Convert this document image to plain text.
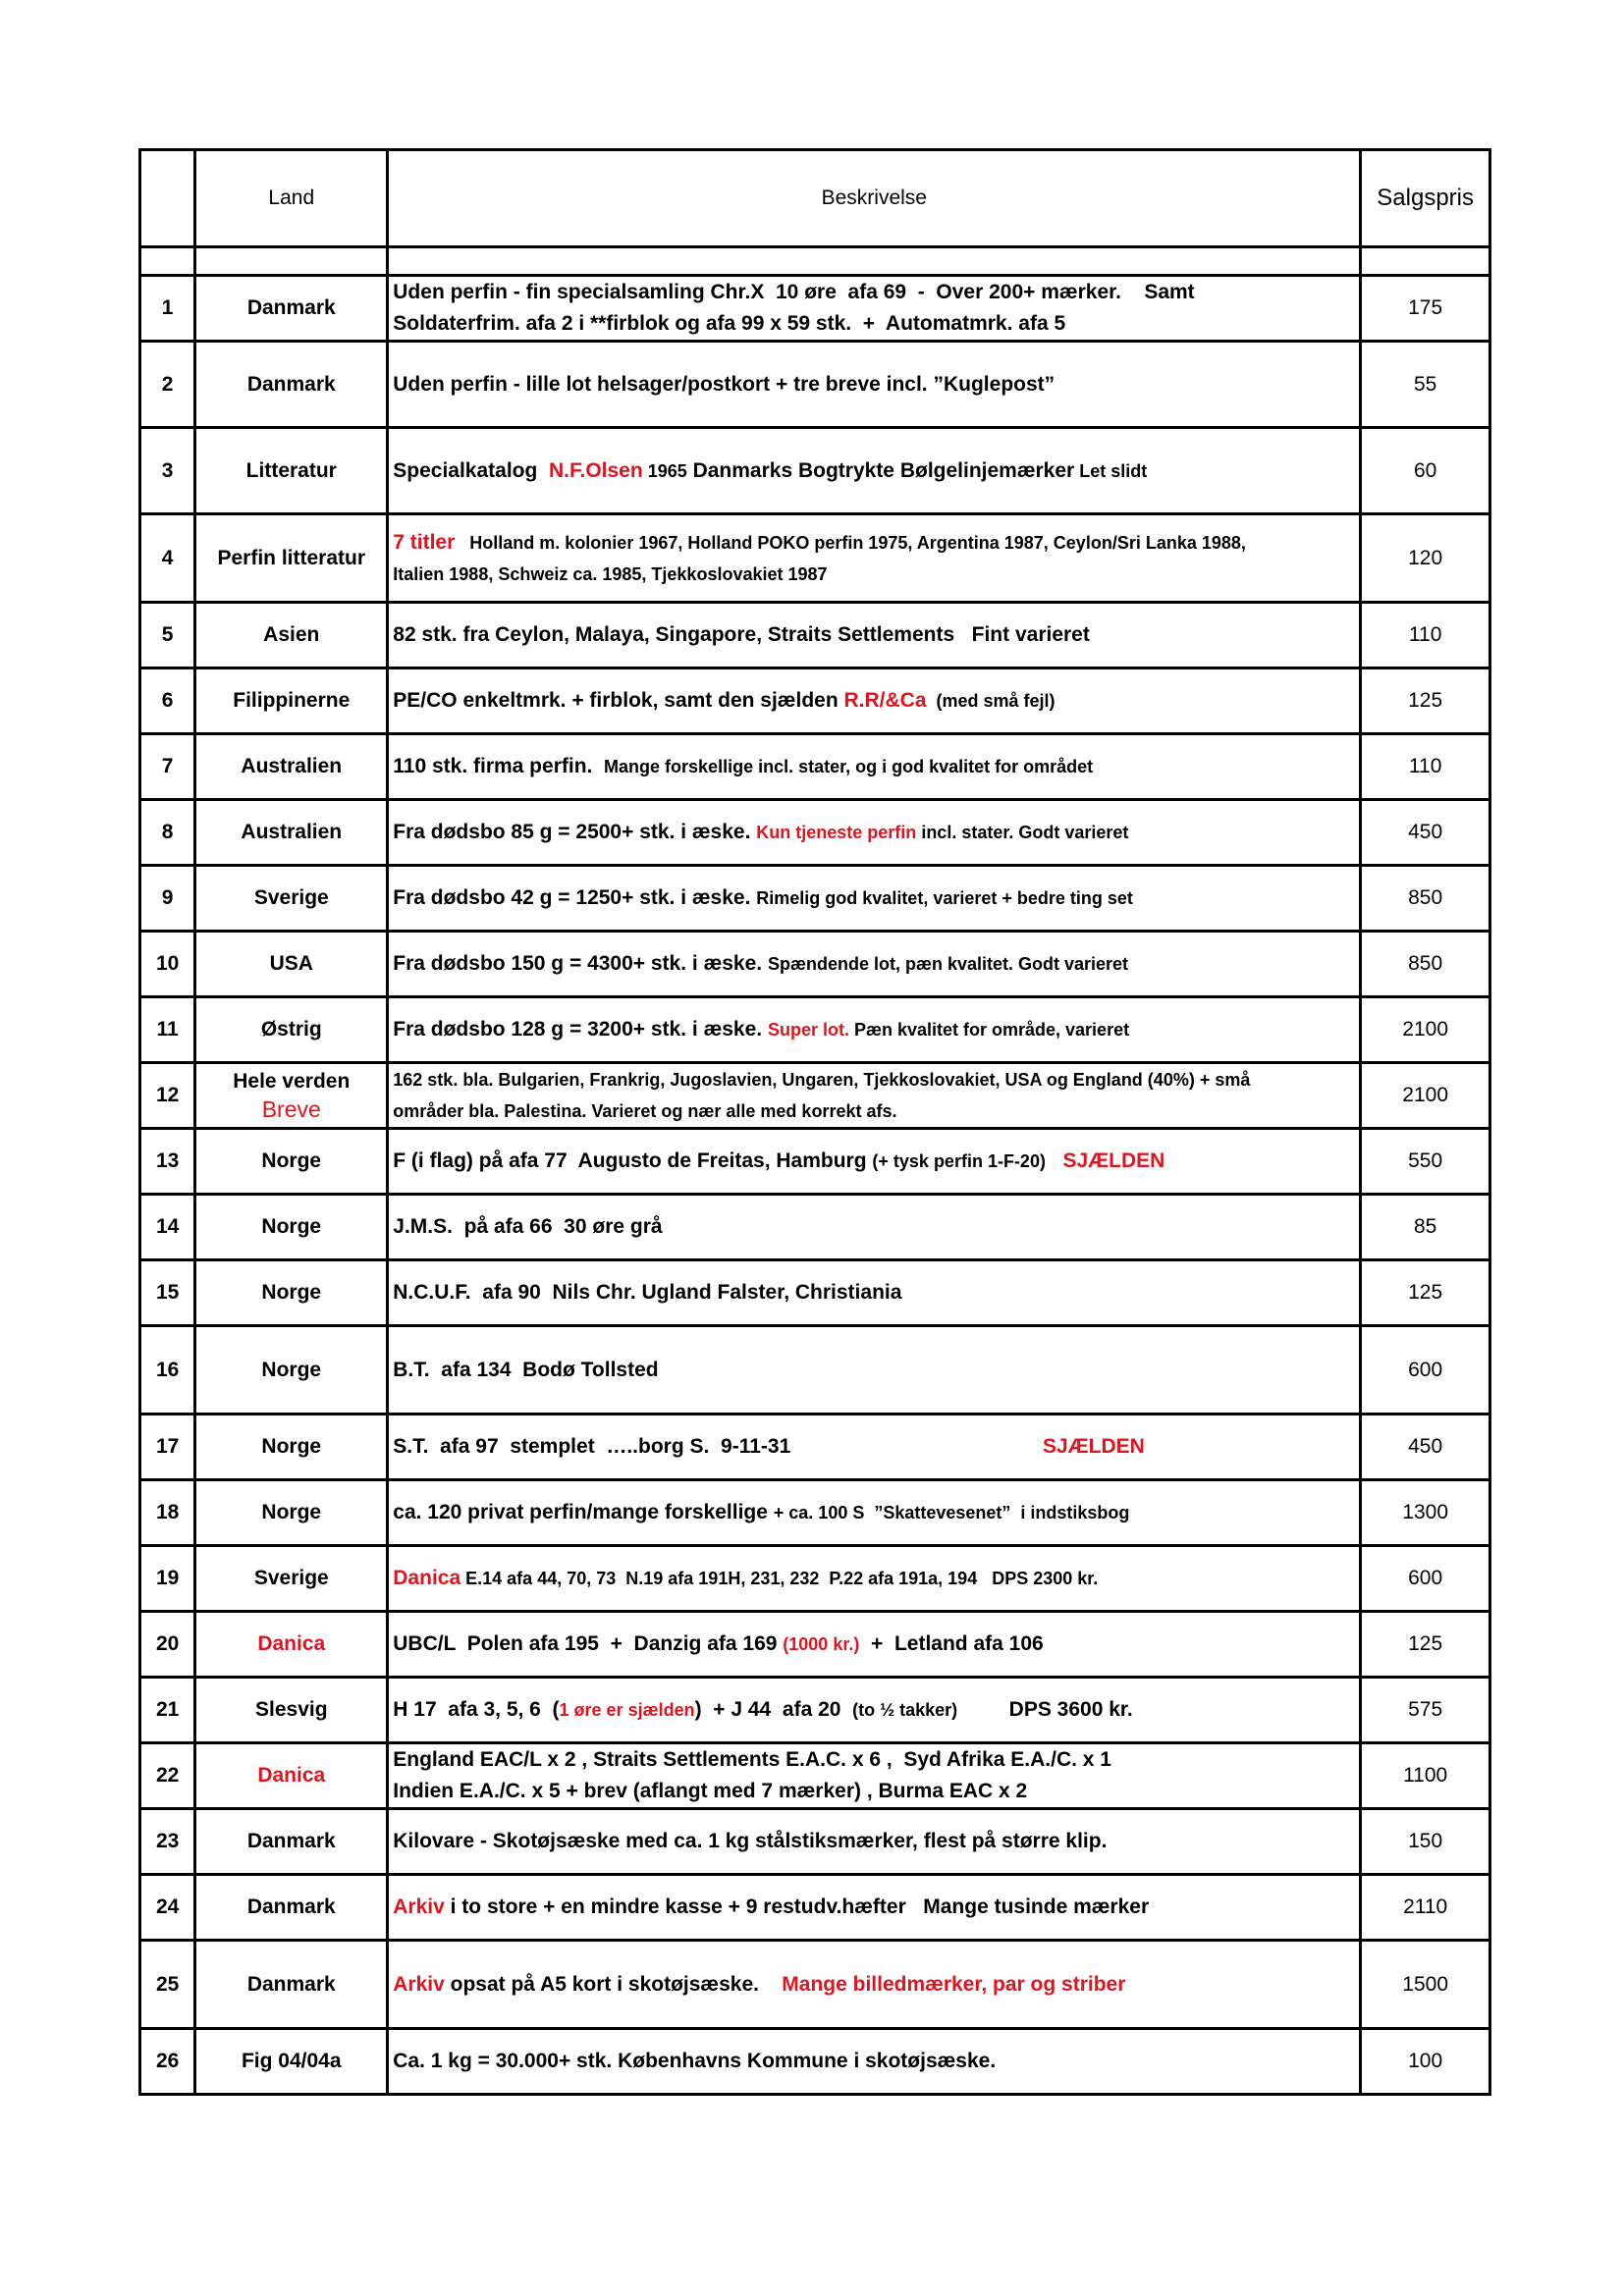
	Land	Beskrivelse	Salgspris

1	Danmark	Uden perfin - fin specialsamling Chr.X  10 øre  afa 69  -  Over 200+ mærker.    Samt
Soldaterfrim. afa 2 i **firblok og afa 99 x 59 stk.  +  Automatmrk. afa 5	175
2	Danmark	Uden perfin - lille lot helsager/postkort + tre breve incl. ”Kuglepost”	55
3	Litteratur	Specialkatalog  N.F.Olsen 1965 Danmarks Bogtrykte Bølgelinjemærker Let slidt	60
4	Perfin litteratur	7 titler   Holland m. kolonier 1967, Holland POKO perfin 1975, Argentina 1987, Ceylon/Sri Lanka 1988,
Italien 1988, Schweiz ca. 1985, Tjekkoslovakiet 1987	120
5	Asien	82 stk. fra Ceylon, Malaya, Singapore, Straits Settlements   Fint varieret	110
6	Filippinerne	PE/CO enkeltmrk. + firblok, samt den sjælden R.R/&Ca  (med små fejl)	125
7	Australien	110 stk. firma perfin.  Mange forskellige incl. stater, og i god kvalitet for området	110
8	Australien	Fra dødsbo 85 g = 2500+ stk. i æske. Kun tjeneste perfin incl. stater. Godt varieret	450
9	Sverige	Fra dødsbo 42 g = 1250+ stk. i æske. Rimelig god kvalitet, varieret + bedre ting set	850
10	USA	Fra dødsbo 150 g = 4300+ stk. i æske. Spændende lot, pæn kvalitet. Godt varieret	850
11	Østrig	Fra dødsbo 128 g = 3200+ stk. i æske. Super lot. Pæn kvalitet for område, varieret	2100
12	Hele verden
Breve	162 stk. bla. Bulgarien, Frankrig, Jugoslavien, Ungaren, Tjekkoslovakiet, USA og England (40%) + små
områder bla. Palestina. Varieret og nær alle med korrekt afs.	2100
13	Norge	F (i flag) på afa 77  Augusto de Freitas, Hamburg (+ tysk perfin 1-F-20)   SJÆLDEN	550
14	Norge	J.M.S.  på afa 66  30 øre grå	85
15	Norge	N.C.U.F.  afa 90  Nils Chr. Ugland Falster, Christiania	125
16	Norge	B.T.  afa 134  Bodø Tollsted	600
17	Norge	S.T.  afa 97  stemplet  …..borg S.  9-11-31                                            SJÆLDEN	450
18	Norge	ca. 120 privat perfin/mange forskellige + ca. 100 S  ”Skattevesenet”  i indstiksbog	1300
19	Sverige	Danica E.14 afa 44, 70, 73  N.19 afa 191H, 231, 232  P.22 afa 191a, 194   DPS 2300 kr.	600
20	Danica	UBC/L  Polen afa 195  +  Danzig afa 169 (1000 kr.)  +  Letland afa 106	125
21	Slesvig	H 17  afa 3, 5, 6  (1 øre er sjælden)  + J 44  afa 20  (to ½ takker)         DPS 3600 kr.	575
22	Danica	England EAC/L x 2 , Straits Settlements E.A.C. x 6 ,  Syd Afrika E.A./C. x 1
Indien E.A./C. x 5 + brev (aflangt med 7 mærker) , Burma EAC x 2	1100
23	Danmark	Kilovare - Skotøjsæske med ca. 1 kg stålstiksmærker, flest på større klip.	150
24	Danmark	Arkiv i to store + en mindre kasse + 9 restudv.hæfter   Mange tusinde mærker	2110
25	Danmark	Arkiv opsat på A5 kort i skotøjsæske.    Mange billedmærker, par og striber	1500
26	Fig 04/04a	Ca. 1 kg = 30.000+ stk. Københavns Kommune i skotøjsæske.	100
